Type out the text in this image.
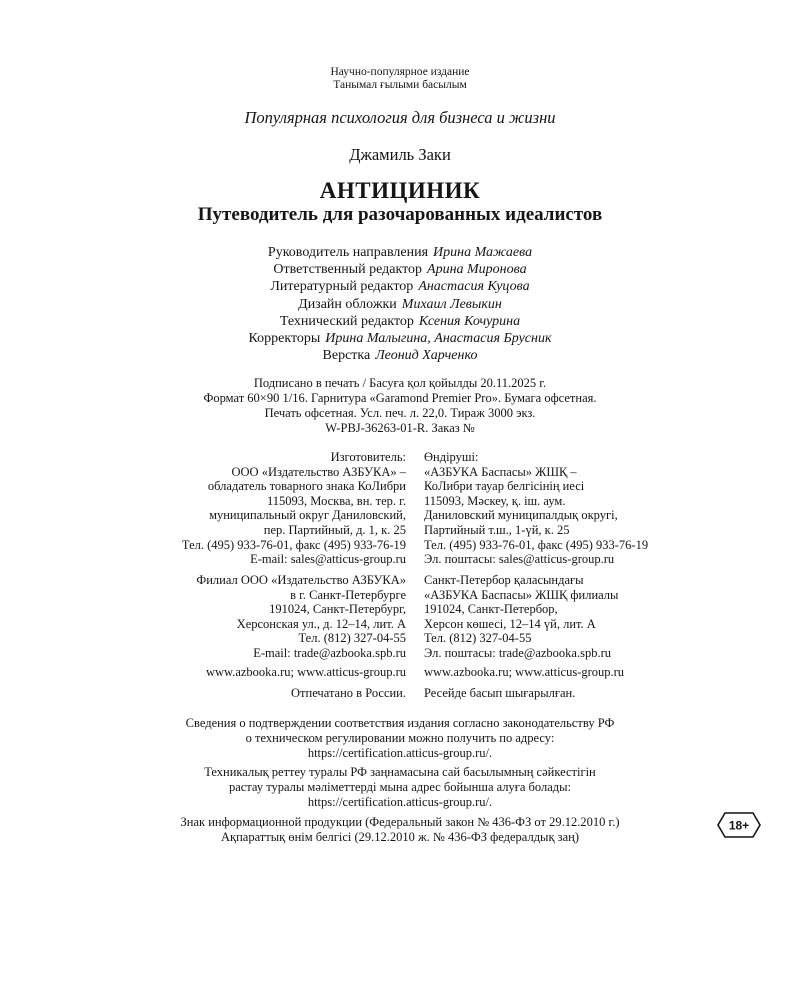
Научно-популярное издание
Танымал ғылыми басылым
Популярная психология для бизнеса и жизни
Джамиль Заки
АНТИЦИНИК
Путеводитель для разочарованных идеалистов
Руководитель направления Ирина Мажаева
Ответственный редактор Арина Миронова
Литературный редактор Анастасия Куцова
Дизайн обложки Михаил Левыкин
Технический редактор Ксения Кочурина
Корректоры Ирина Малыгина, Анастасия Брусник
Верстка Леонид Харченко
Подписано в печать / Басуға қол қойылды 20.11.2025 г.
Формат 60×90 1/16. Гарнитура «Garamond Premier Pro». Бумага офсетная.
Печать офсетная. Усл. печ. л. 22,0. Тираж 3000 экз.
W-PBJ-36263-01-R. Заказ №
Изготовитель:
ООО «Издательство АЗБУКА» –
обладатель товарного знака КоЛибри
115093, Москва, вн. тер. г.
муниципальный округ Даниловский,
пер. Партийный, д. 1, к. 25
Тел. (495) 933-76-01, факс (495) 933-76-19
E-mail: sales@atticus-group.ru
Өндіруші:
«АЗБУКА Баспасы» ЖШҚ –
КоЛибри тауар белгісінің иесі
115093, Мәскеу, қ. іш. аум.
Даниловский муниципалдық округі,
Партийный т.ш., 1-үй, к. 25
Тел. (495) 933-76-01, факс (495) 933-76-19
Эл. поштасы: sales@atticus-group.ru
Филиал ООО «Издательство АЗБУКА»
в г. Санкт-Петербурге
191024, Санкт-Петербург,
Херсонская ул., д. 12–14, лит. А
Тел. (812) 327-04-55
E-mail: trade@azbooka.spb.ru
Санкт-Петербор қаласындағы
«АЗБУКА Баспасы» ЖШҚ филиалы
191024, Санкт-Петербор,
Херсон көшесі, 12–14 үй, лит. А
Тел. (812) 327-04-55
Эл. поштасы: trade@azbooka.spb.ru
www.azbooka.ru; www.atticus-group.ru www.azbooka.ru; www.atticus-group.ru
Отпечатано в России. Ресейде басып шығарылған.
Сведения о подтверждении соответствия издания согласно законодательству РФ
о техническом регулировании можно получить по адресу:
https://certification.atticus-group.ru/.
Техникалық реттеу туралы РФ заңнамасына сай басылымның сәйкестігін
растау туралы мәліметтерді мына адрес бойынша алуға болады:
https://certification.atticus-group.ru/.
Знак информационной продукции (Федеральный закон № 436-ФЗ от 29.12.2010 г.)
Ақпараттық өнім белгісі (29.12.2010 ж. № 436-ФЗ федералдық заң)
18+
